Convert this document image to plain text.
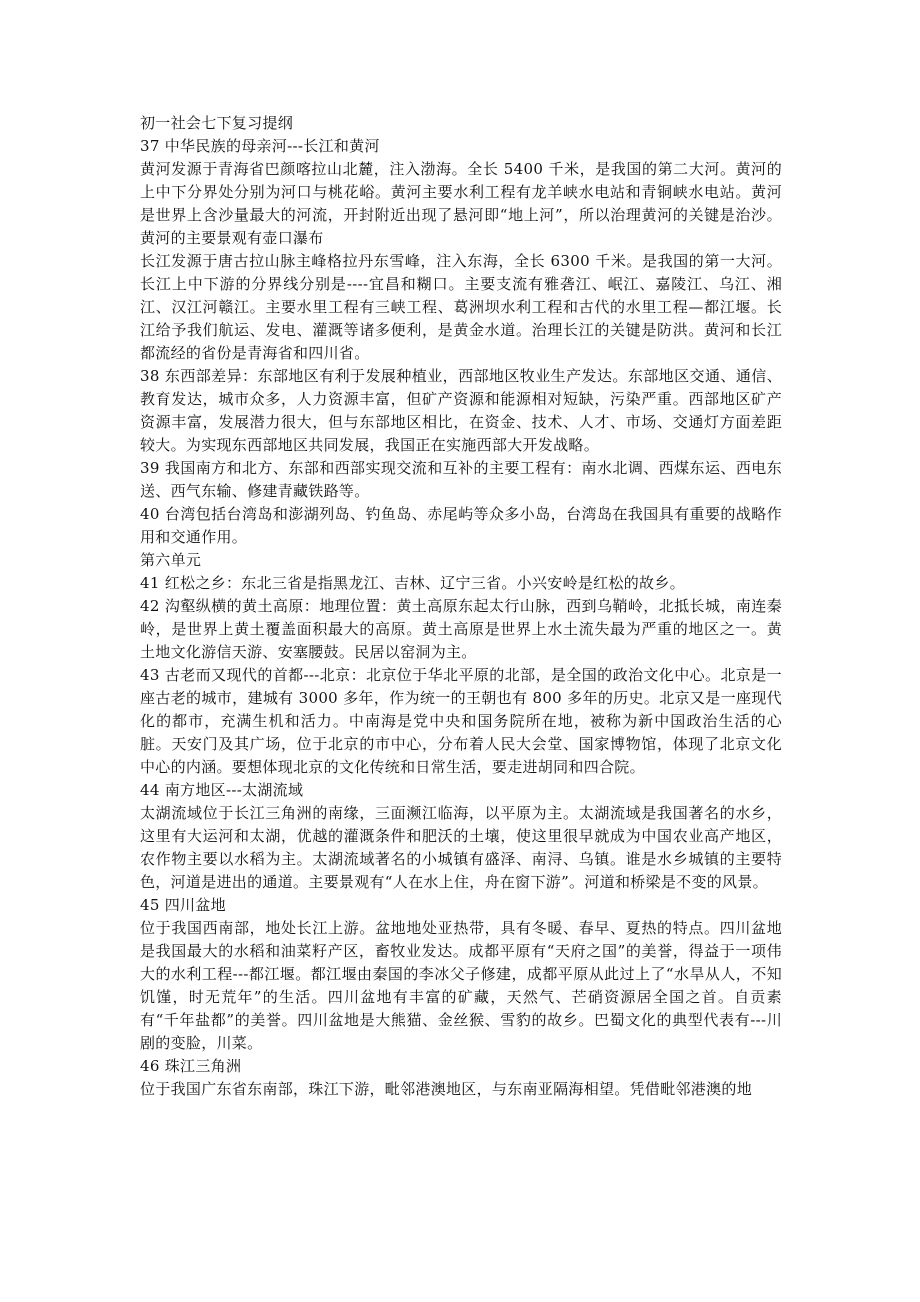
初一社会七下复习提纲

37 中华民族的母亲河---长江和黄河

黄河发源于青海省巴颜喀拉山北麓，注入渤海。全长 5400 千米，是我国的第二大河。黄河的上中下分界处分别为河口与桃花峪。黄河主要水利工程有龙羊峡水电站和青铜峡水电站。黄河是世界上含沙量最大的河流，开封附近出现了悬河即“地上河”，所以治理黄河的关键是治沙。黄河的主要景观有壶口瀑布

长江发源于唐古拉山脉主峰格拉丹东雪峰，注入东海，全长 6300 千米。是我国的第一大河。长江上中下游的分界线分别是----宜昌和糊口。主要支流有雅砻江、岷江、嘉陵江、乌江、湘江、汉江河赣江。主要水里工程有三峡工程、葛洲坝水利工程和古代的水里工程—都江堰。长江给予我们航运、发电、灌溉等诸多便利，是黄金水道。治理长江的关键是防洪。黄河和长江都流经的省份是青海省和四川省。

38 东西部差异：东部地区有利于发展种植业，西部地区牧业生产发达。东部地区交通、通信、教育发达，城市众多，人力资源丰富，但矿产资源和能源相对短缺，污染严重。西部地区矿产资源丰富，发展潜力很大，但与东部地区相比，在资金、技术、人才、市场、交通灯方面差距较大。为实现东西部地区共同发展，我国正在实施西部大开发战略。

39 我国南方和北方、东部和西部实现交流和互补的主要工程有：南水北调、西煤东运、西电东送、西气东输、修建青藏铁路等。

40 台湾包括台湾岛和澎湖列岛、钓鱼岛、赤尾屿等众多小岛，台湾岛在我国具有重要的战略作用和交通作用。

第六单元

41 红松之乡：东北三省是指黑龙江、吉林、辽宁三省。小兴安岭是红松的故乡。

42 沟壑纵横的黄土高原：地理位置：黄土高原东起太行山脉，西到乌鞘岭，北抵长城，南连秦岭，是世界上黄土覆盖面积最大的高原。黄土高原是世界上水土流失最为严重的地区之一。黄土地文化游信天游、安塞腰鼓。民居以窑洞为主。

43 古老而又现代的首都---北京：北京位于华北平原的北部，是全国的政治文化中心。北京是一座古老的城市，建城有 3000 多年，作为统一的王朝也有 800 多年的历史。北京又是一座现代化的都市，充满生机和活力。中南海是党中央和国务院所在地，被称为新中国政治生活的心脏。天安门及其广场，位于北京的市中心，分布着人民大会堂、国家博物馆，体现了北京文化中心的内涵。要想体现北京的文化传统和日常生活，要走进胡同和四合院。

44 南方地区---太湖流域

太湖流域位于长江三角洲的南缘，三面濒江临海，以平原为主。太湖流域是我国著名的水乡，这里有大运河和太湖，优越的灌溉条件和肥沃的土壤，使这里很早就成为中国农业高产地区，农作物主要以水稻为主。太湖流域著名的小城镇有盛泽、南浔、乌镇。谁是水乡城镇的主要特色，河道是进出的通道。主要景观有“人在水上住，舟在窗下游”。河道和桥梁是不变的风景。

45 四川盆地

位于我国西南部，地处长江上游。盆地地处亚热带，具有冬暖、春早、夏热的特点。四川盆地是我国最大的水稻和油菜籽产区，畜牧业发达。成都平原有“天府之国”的美誉，得益于一项伟大的水利工程---都江堰。都江堰由秦国的李冰父子修建，成都平原从此过上了“水旱从人，不知饥馑，时无荒年”的生活。四川盆地有丰富的矿藏，天然气、芒硝资源居全国之首。自贡素有“千年盐都”的美誉。四川盆地是大熊猫、金丝猴、雪豹的故乡。巴蜀文化的典型代表有---川剧的变脸，川菜。

46 珠江三角洲

位于我国广东省东南部，珠江下游，毗邻港澳地区，与东南亚隔海相望。凭借毗邻港澳的地
